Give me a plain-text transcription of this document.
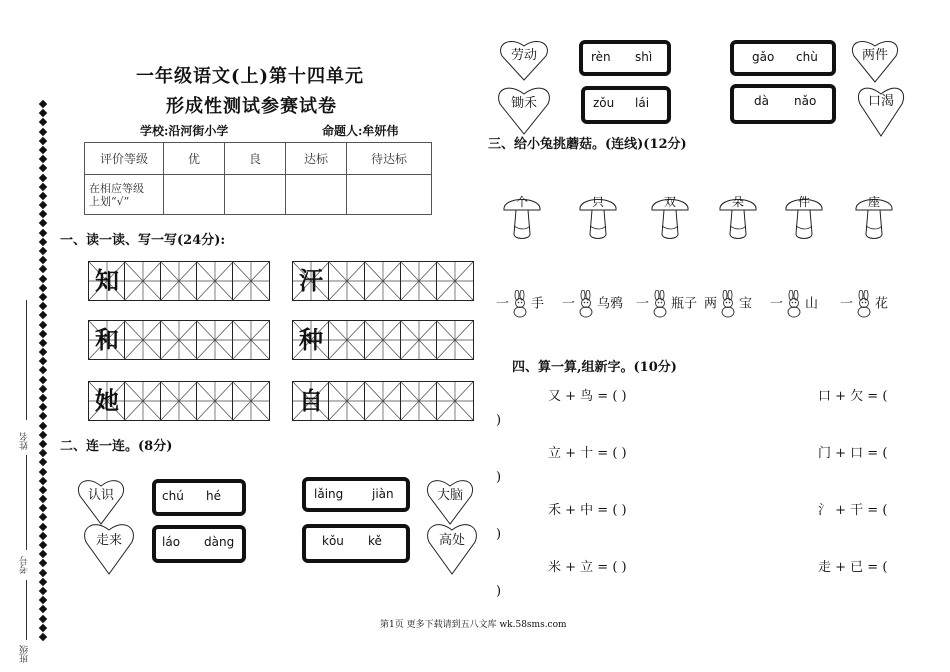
姓名
考号
班级
一年级语文(上)第十四单元
形成性测试参赛试卷
学校:沿河街小学	命题人:牟妍伟
评价等级	优	良	达标	待达标
在相应等级
上划“√”				
一、读一读、写一写(24分):
知	汗
和	种
她	自
二、连一连。(8分)
认识
走来
大脑
高处
chú hé	lǎing jiàn
láo dàng	kǒu kě
劳动
锄禾
两件
口渴
rèn shì	gǎo chù
zǒu lái	dà nǎo
三、给小兔挑蘑菇。(连线)(12分)
个	只	双	朵	件	座
一 手 一 乌鸦 一 瓶子 两 宝 一 山 一 花
四、算一算,组新字。(10分)
又 + 鸟 = ( )	口 + 欠 = (
)
立 + 十 = ( )	门 + 口 = (
)
禾 + 中 = ( )	氵 + 干 = (
)
米 + 立 = ( )	走 + 已 = (
)
第1页 更多下载请到五八文库 wk.58sms.com
